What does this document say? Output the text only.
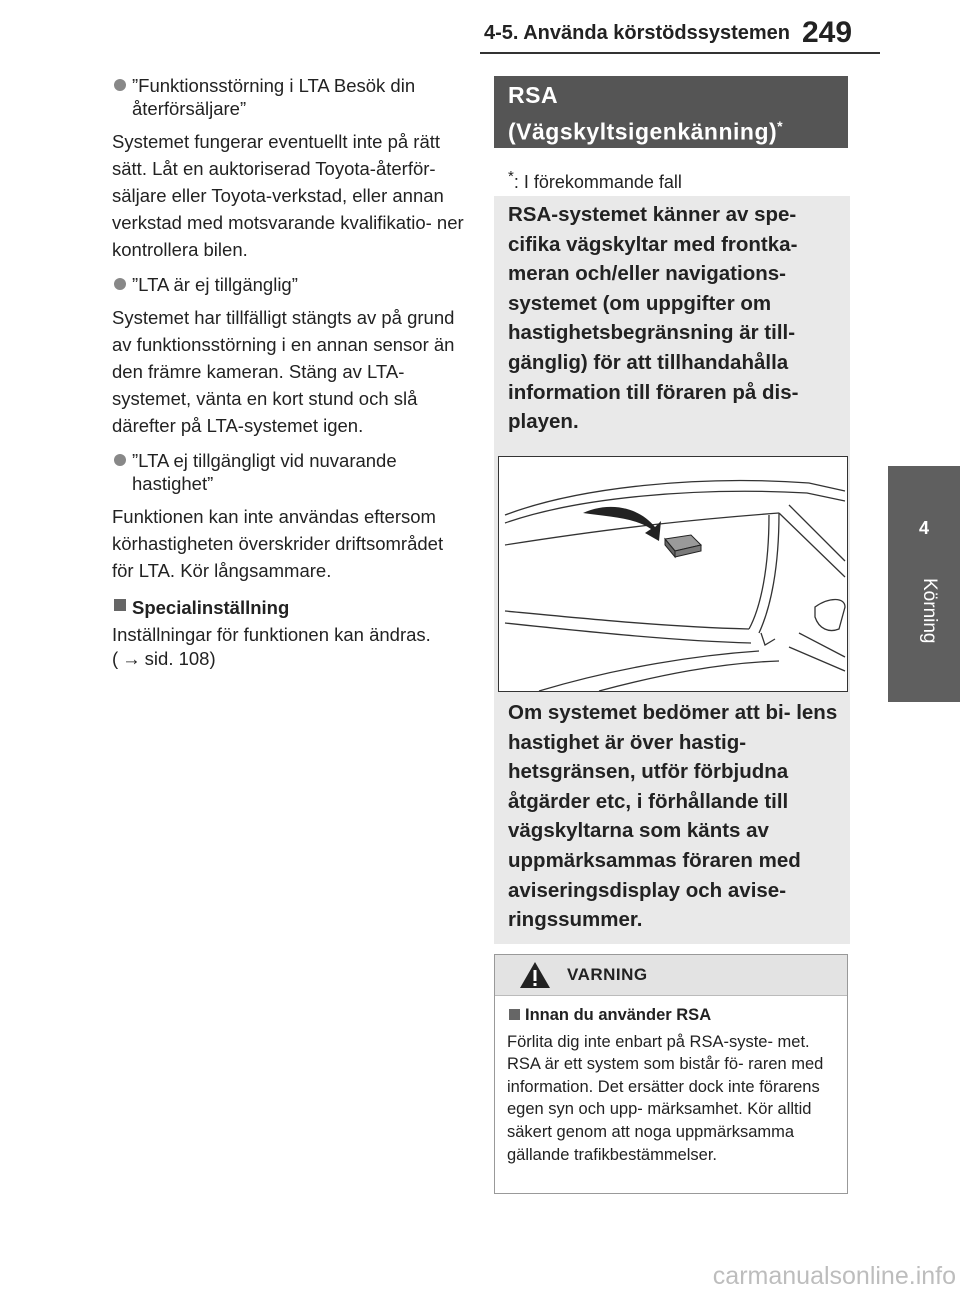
4-5. Använda körstödssystemen 249
4
Körning
”Funktionsstörning i LTA Besök din återförsäljare”

Systemet fungerar eventuellt inte på rätt sätt. Låt en auktoriserad Toyota-återför- säljare eller Toyota-verkstad, eller annan verkstad med motsvarande kvalifikatio- ner kontrollera bilen.

”LTA är ej tillgänglig”

Systemet har tillfälligt stängts av på grund av funktionsstörning i en annan sensor än den främre kameran. Stäng av LTA-systemet, vänta en kort stund och slå därefter på LTA-systemet igen.

”LTA ej tillgängligt vid nuvarande hastighet”

Funktionen kan inte användas eftersom körhastigheten överskrider driftsområdet för LTA. Kör långsammare.

Specialinställning
Inställningar för funktionen kan ändras.
( → sid. 108)
RSA
(Vägskyltsigenkänning)*
*: I förekommande fall
RSA-systemet känner av spe- cifika vägskyltar med frontka- meran och/eller navigations- systemet (om uppgifter om hastighetsbegränsning är till- gänglig) för att tillhandahålla information till föraren på dis- playen.
Om systemet bedömer att bi- lens hastighet är över hastig- hetsgränsen, utför förbjudna åtgärder etc, i förhållande till vägskyltarna som känts av uppmärksammas föraren med aviseringsdisplay och avise- ringssummer.
VARNING
Innan du använder RSA
Förlita dig inte enbart på RSA-syste- met. RSA är ett system som bistår fö- raren med information. Det ersätter dock inte förarens egen syn och upp- märksamhet. Kör alltid säkert genom att noga uppmärksamma gällande trafikbestämmelser.
carmanualsonline.info
